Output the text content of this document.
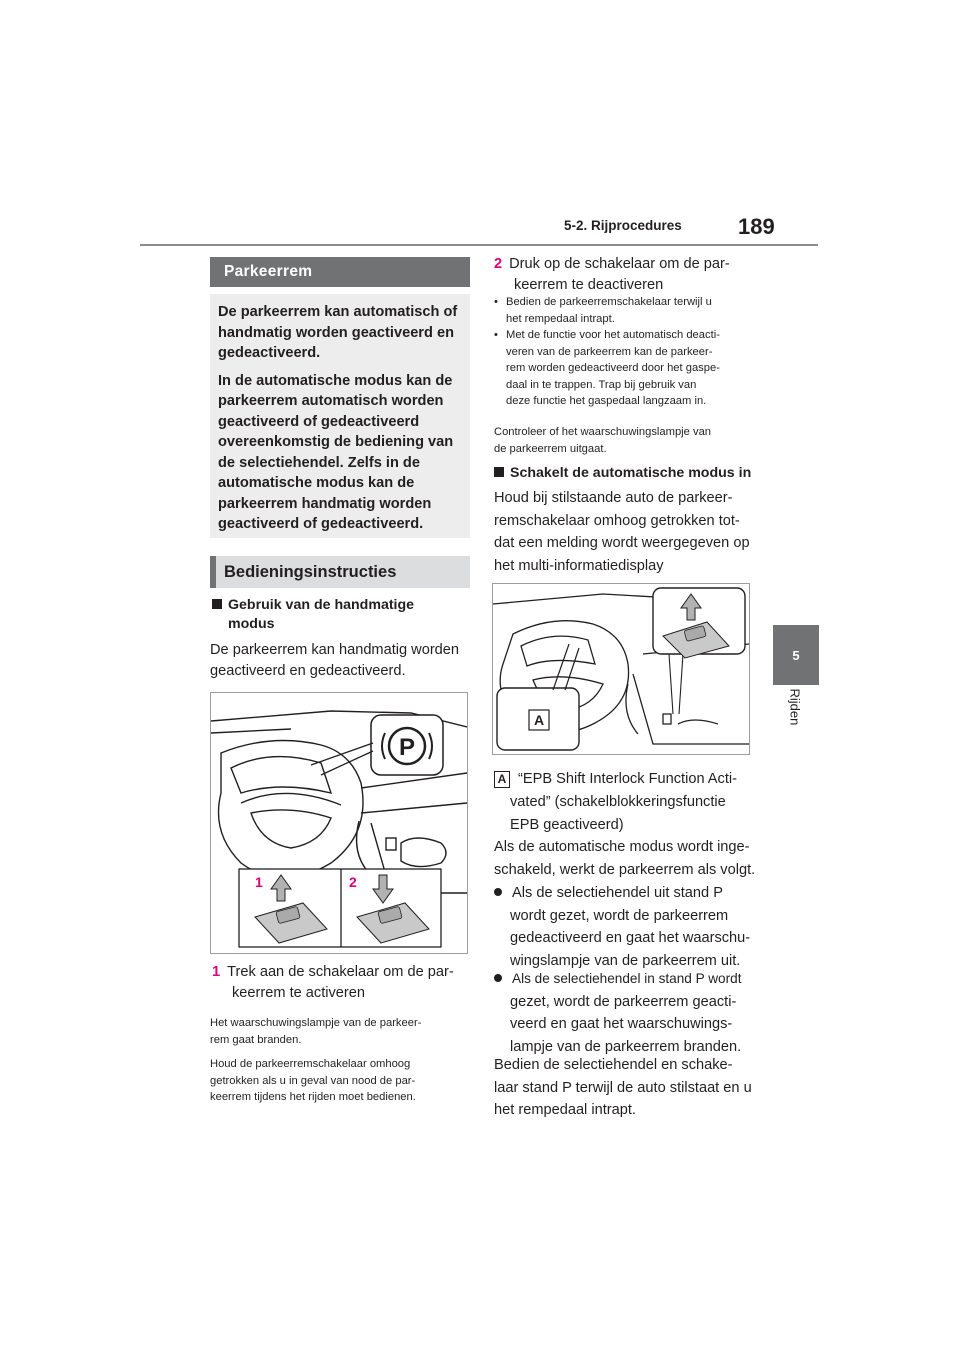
5-2. Rijprocedures	189
5
Rijden
Parkeerrem

De parkeerrem kan automatisch of handmatig worden geactiveerd en gedeactiveerd.

In de automatische modus kan de parkeerrem automatisch worden geactiveerd of gedeactiveerd overeenkomstig de bediening van de selectiehendel. Zelfs in de automatische modus kan de parkeerrem handmatig worden geactiveerd of gedeactiveerd.

Bedieningsinstructies
Gebruik van de handmatige
modus
De parkeerrem kan handmatig worden geactiveerd en gedeactiveerd.
P
1	2
1 Trek aan de schakelaar om de par-
keerrem te activeren
Het waarschuwingslampje van de parkeer-
rem gaat branden.
Houd de parkeerremschakelaar omhoog
getrokken als u in geval van nood de par-
keerrem tijdens het rijden moet bedienen.
2 Druk op de schakelaar om de par-
keerrem te deactiveren
• Bedien de parkeerremschakelaar terwijl u
het rempedaal intrapt.
• Met de functie voor het automatisch deacti-
veren van de parkeerrem kan de parkeer-
rem worden gedeactiveerd door het gaspe-
daal in te trappen. Trap bij gebruik van
deze functie het gaspedaal langzaam in.
Controleer of het waarschuwingslampje van
de parkeerrem uitgaat.
Schakelt de automatische modus in
Houd bij stilstaande auto de parkeer-
remschakelaar omhoog getrokken tot-
dat een melding wordt weergegeven op
het multi-informatiedisplay
A
A “EPB Shift Interlock Function Acti-
vated” (schakelblokkeringsfunctie
EPB geactiveerd)
Als de automatische modus wordt inge-
schakeld, werkt de parkeerrem als volgt.
Als de selectiehendel uit stand P
wordt gezet, wordt de parkeerrem
gedeactiveerd en gaat het waarschu-
wingslampje van de parkeerrem uit.
Als de selectiehendel in stand P wordt
gezet, wordt de parkeerrem geacti-
veerd en gaat het waarschuwings-
lampje van de parkeerrem branden.
Bedien de selectiehendel en schake-
laar stand P terwijl de auto stilstaat en u
het rempedaal intrapt.
